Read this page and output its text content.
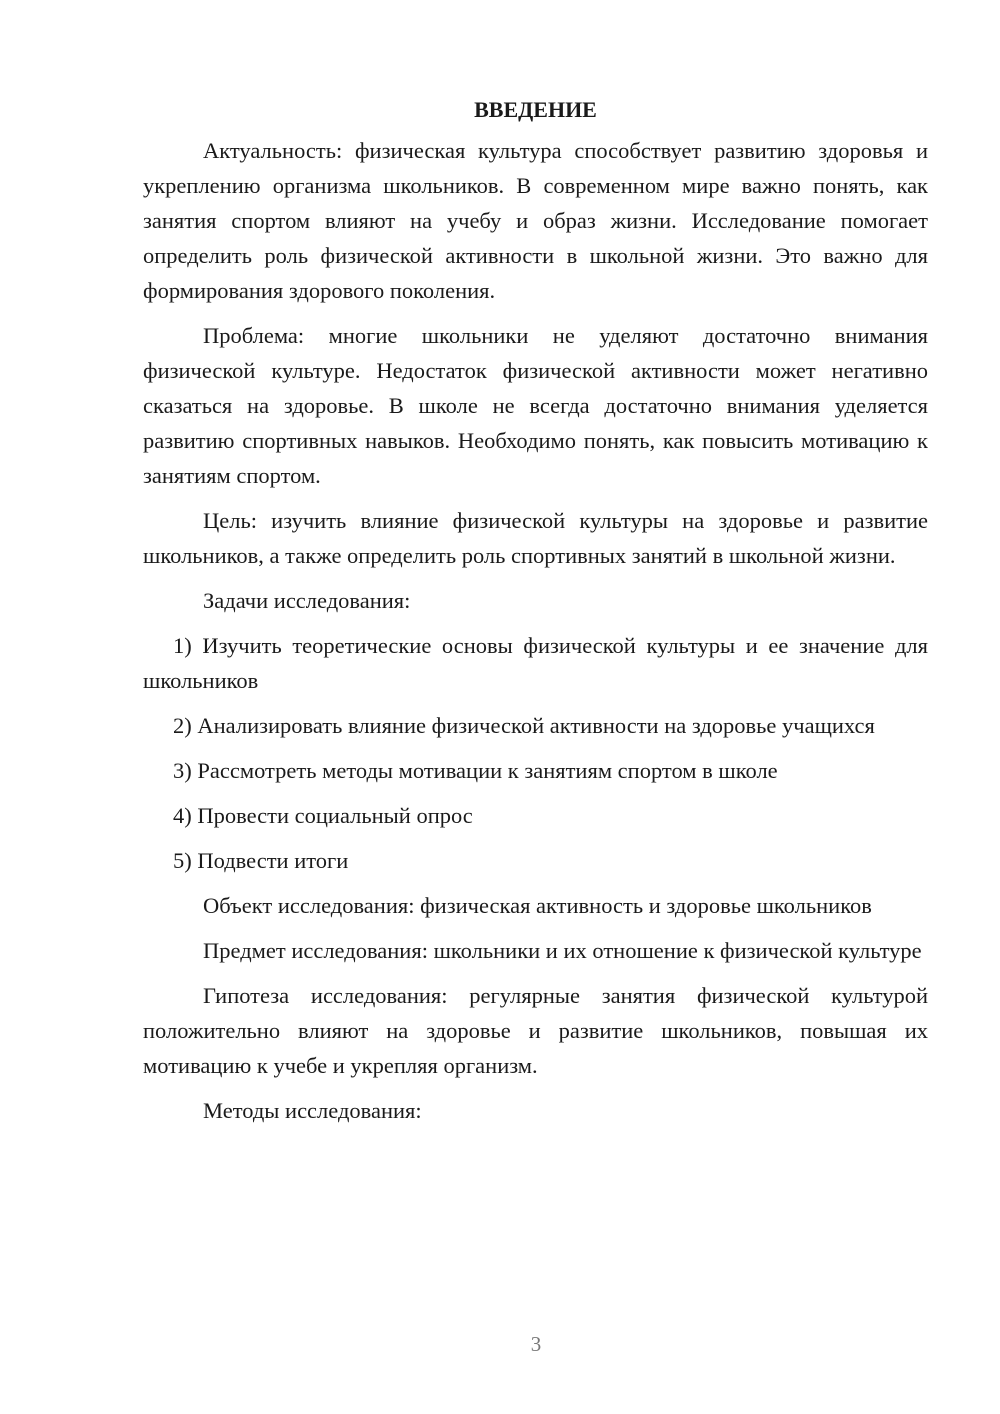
ВВЕДЕНИЕ

Актуальность: физическая культура способствует развитию здоровья и укреплению организма школьников. В современном мире важно понять, как занятия спортом влияют на учебу и образ жизни. Исследование помогает определить роль физической активности в школьной жизни. Это важно для формирования здорового поколения.

Проблема: многие школьники не уделяют достаточно внимания физической культуре. Недостаток физической активности может негативно сказаться на здоровье. В школе не всегда достаточно внимания уделяется развитию спортивных навыков. Необходимо понять, как повысить мотивацию к занятиям спортом.

Цель: изучить влияние физической культуры на здоровье и развитие школьников, а также определить роль спортивных занятий в школьной жизни.

Задачи исследования:

1) Изучить теоретические основы физической культуры и ее значение для школьников

2) Анализировать влияние физической активности на здоровье учащихся

3) Рассмотреть методы мотивации к занятиям спортом в школе

4) Провести социальный опрос

5) Подвести итоги

Объект исследования: физическая активность и здоровье школьников

Предмет исследования: школьники и их отношение к физической культуре

Гипотеза исследования: регулярные занятия физической культурой положительно влияют на здоровье и развитие школьников, повышая их мотивацию к учебе и укрепляя организм.

Методы исследования:

3
